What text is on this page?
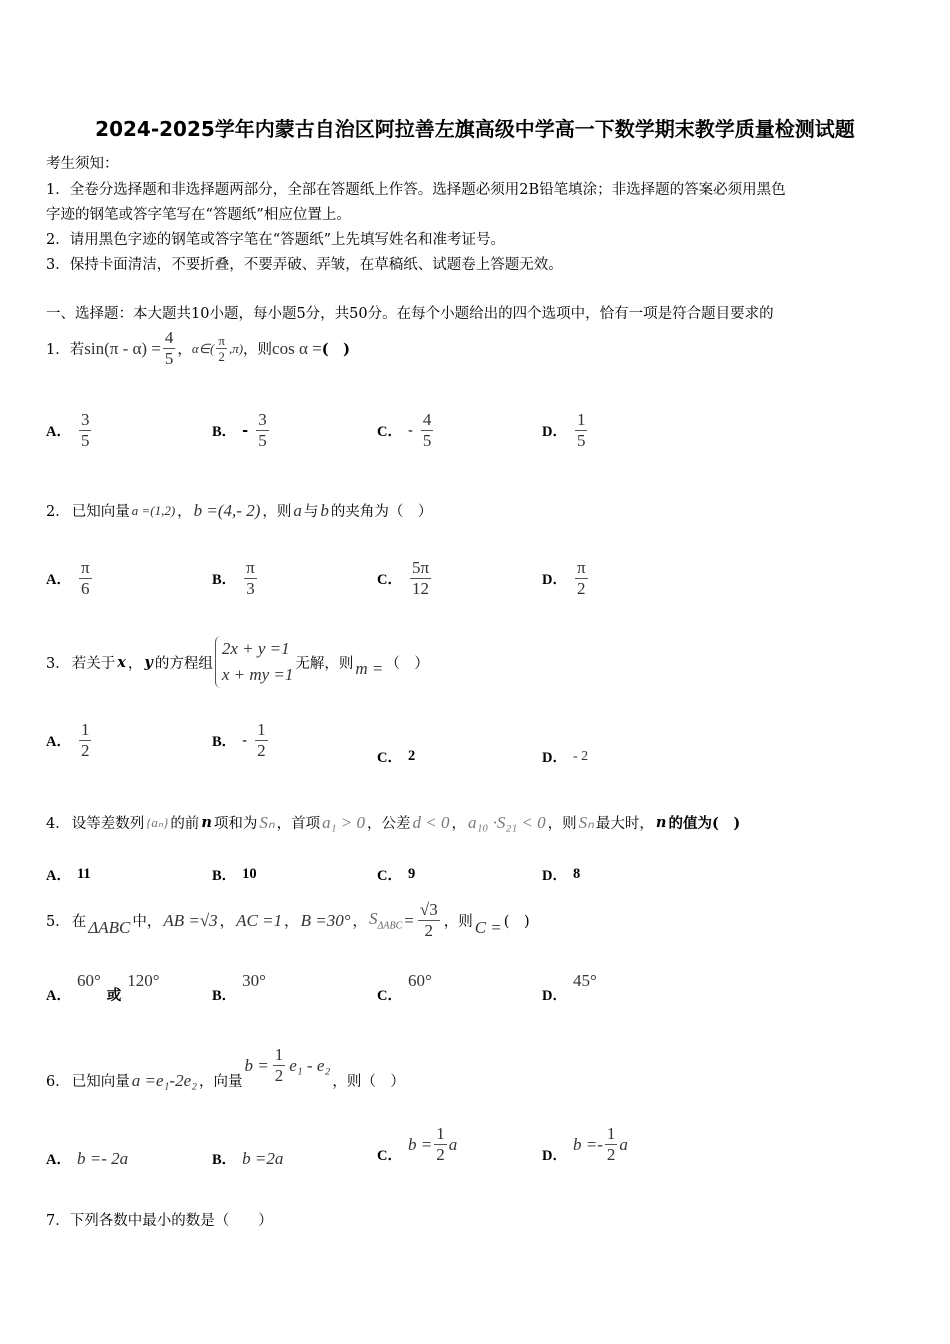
2024-2025学年内蒙古自治区阿拉善左旗高级中学高一下数学期末教学质量检测试题
考生须知：
1．全卷分选择题和非选择题两部分，全部在答题纸上作答。选择题必须用2B铅笔填涂；非选择题的答案必须用黑色
字迹的钢笔或答字笔写在“答题纸”相应位置上。
2．请用黑色字迹的钢笔或答字笔在“答题纸”上先填写姓名和准考证号。
3．保持卡面清洁，不要折叠，不要弄破、弄皱，在草稿纸、试题卷上答题无效。
一、选择题：本大题共10小题，每小题5分，共50分。在每个小题给出的四个选项中，恰有一项是符合题目要求的
1． 若 $\sin(\pi - \alpha) = \frac{4}{5}$ ， α∈( $\frac{\pi}{2} ,\pi$) ，则 cos α = (　)
A． $\frac{3}{5}$	B． - $\frac{3}{5}$	C． - $\frac{4}{5}$	D． $\frac{1}{5}$
2． 已知向量 a =(1,2) ， b =(4,- 2) ，则 a 与 b 的夹角为（　）
A． $\frac{\pi}{6}$	B． $\frac{\pi}{3}$	C． $\frac{5\pi}{12}$	D． $\frac{\pi}{2}$
3． 若关于 x ， y 的方程组
2x + y =1
x + my =1
无解，则 m = （　）
A． $\frac{1}{2}$	B． - $\frac{1}{2}$	C． 2	D． - 2
4． 设等差数列 {aₙ} 的前 n 项和为 Sₙ ，首项 a₁ > 0 ，公差 d < 0 ， a₁₀ ·S₂₁ < 0 ，则 Sₙ 最大时， n 的值为(　)
A． 11	B． 10	C． 9	D． 8
5． 在 ΔABC 中， AB =√3 ， AC =1 ， B =30° ， $S_{\Delta ABC} = \frac{√3}{2}$ ，则 C = (　)
A．
60°
或
120°
B．
30°
C．
60°
D．
45°
6． 已知向量 a =e₁-2e₂ ，向量
$b = \frac{1}{2} e_1 - e_2$
，则（　）
A． b =- 2a	B． b =2a	C．
$b = \frac{1}{2}$ a
D．
$b =- \frac{1}{2}$ a
7．下列各数中最小的数是（　　）
